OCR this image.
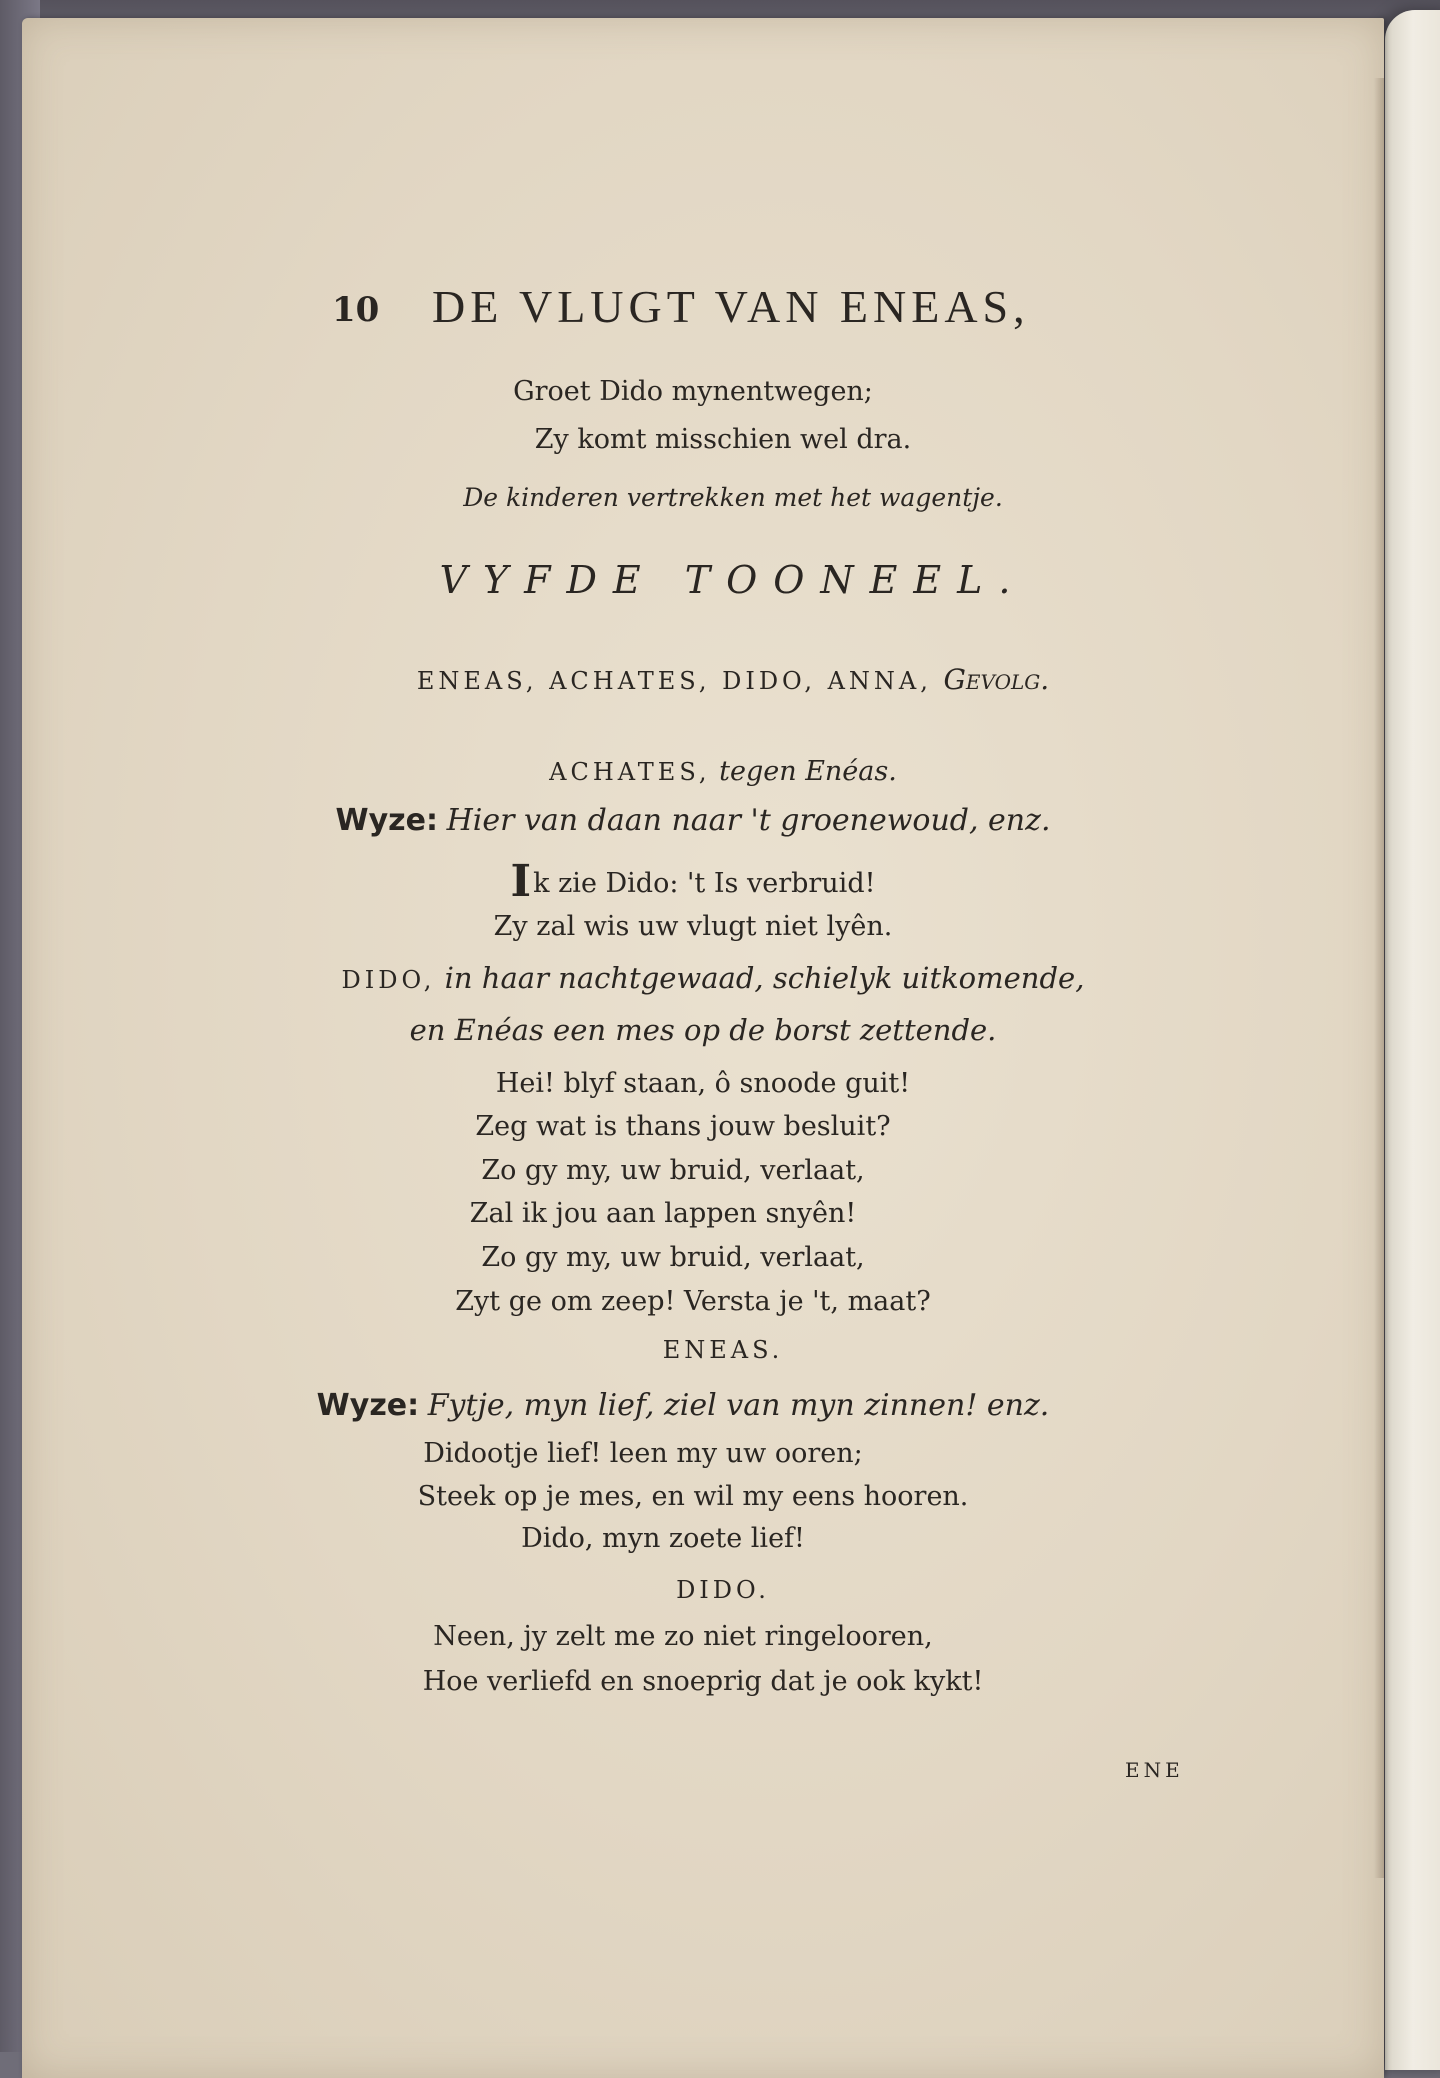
10 DE VLUGT VAN ENEAS,
Groet Dido mynentwegen;
Zy komt misschien wel dra.
De kinderen vertrekken met het wagentje.
VYFDE TOONEEL.
ENEAS, ACHATES, DIDO, ANNA, Gevolg.
ACHATES, tegen Enéas.
Wyze: Hier van daan naar 't groenewoud, enz.
Ik zie Dido: 't Is verbruid!
Zy zal wis uw vlugt niet lyên.
DIDO, in haar nachtgewaad, schielyk uitkomende,
en Enéas een mes op de borst zettende.
Hei! blyf staan, ô snoode guit!
Zeg wat is thans jouw besluit?
Zo gy my, uw bruid, verlaat,
Zal ik jou aan lappen snyên!
Zo gy my, uw bruid, verlaat,
Zyt ge om zeep! Versta je 't, maat?
ENEAS.
Wyze: Fytje, myn lief, ziel van myn zinnen! enz.
Didootje lief! leen my uw ooren;
Steek op je mes, en wil my eens hooren.
Dido, myn zoete lief!
DIDO.
Neen, jy zelt me zo niet ringelooren,
Hoe verliefd en snoeprig dat je ook kykt!
ENE
